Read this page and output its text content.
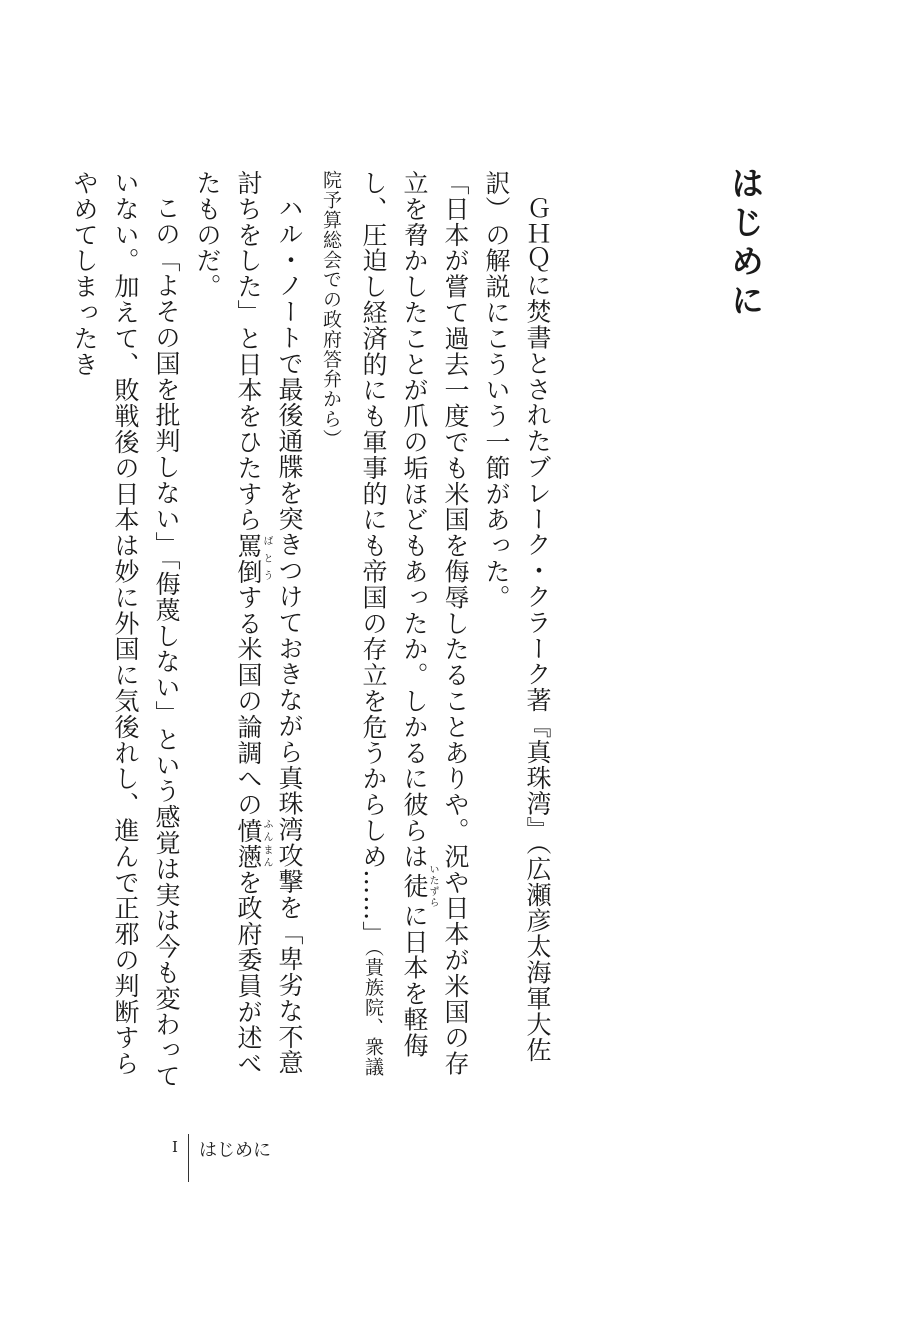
はじめに

ＧＨＱに焚書とされたブレーク・クラーク著『真珠湾』（広瀬彦太海軍大佐訳）の解説にこういう一節があった。

「日本が嘗て過去一度でも米国を侮辱したることありや。況や日本が米国の存立を脅かしたことが爪の垢ほどもあったか。しかるに彼らは徒いたずらに日本を軽侮し、圧迫し経済的にも軍事的にも帝国の存立を危うからしめ……」（貴族院、衆議院予算総会での政府答弁から）

ハル・ノートで最後通牒を突きつけておきながら真珠湾攻撃を「卑劣な不意討ちをした」と日本をひたすら罵倒ばとうする米国の論調への憤懣ふんまんを政府委員が述べたものだ。

この「よその国を批判しない」「侮蔑しない」という感覚は実は今も変わっていない。加えて、敗戦後の日本は妙に外国に気後れし、進んで正邪の判断すらやめてしまったき

I はじめに
